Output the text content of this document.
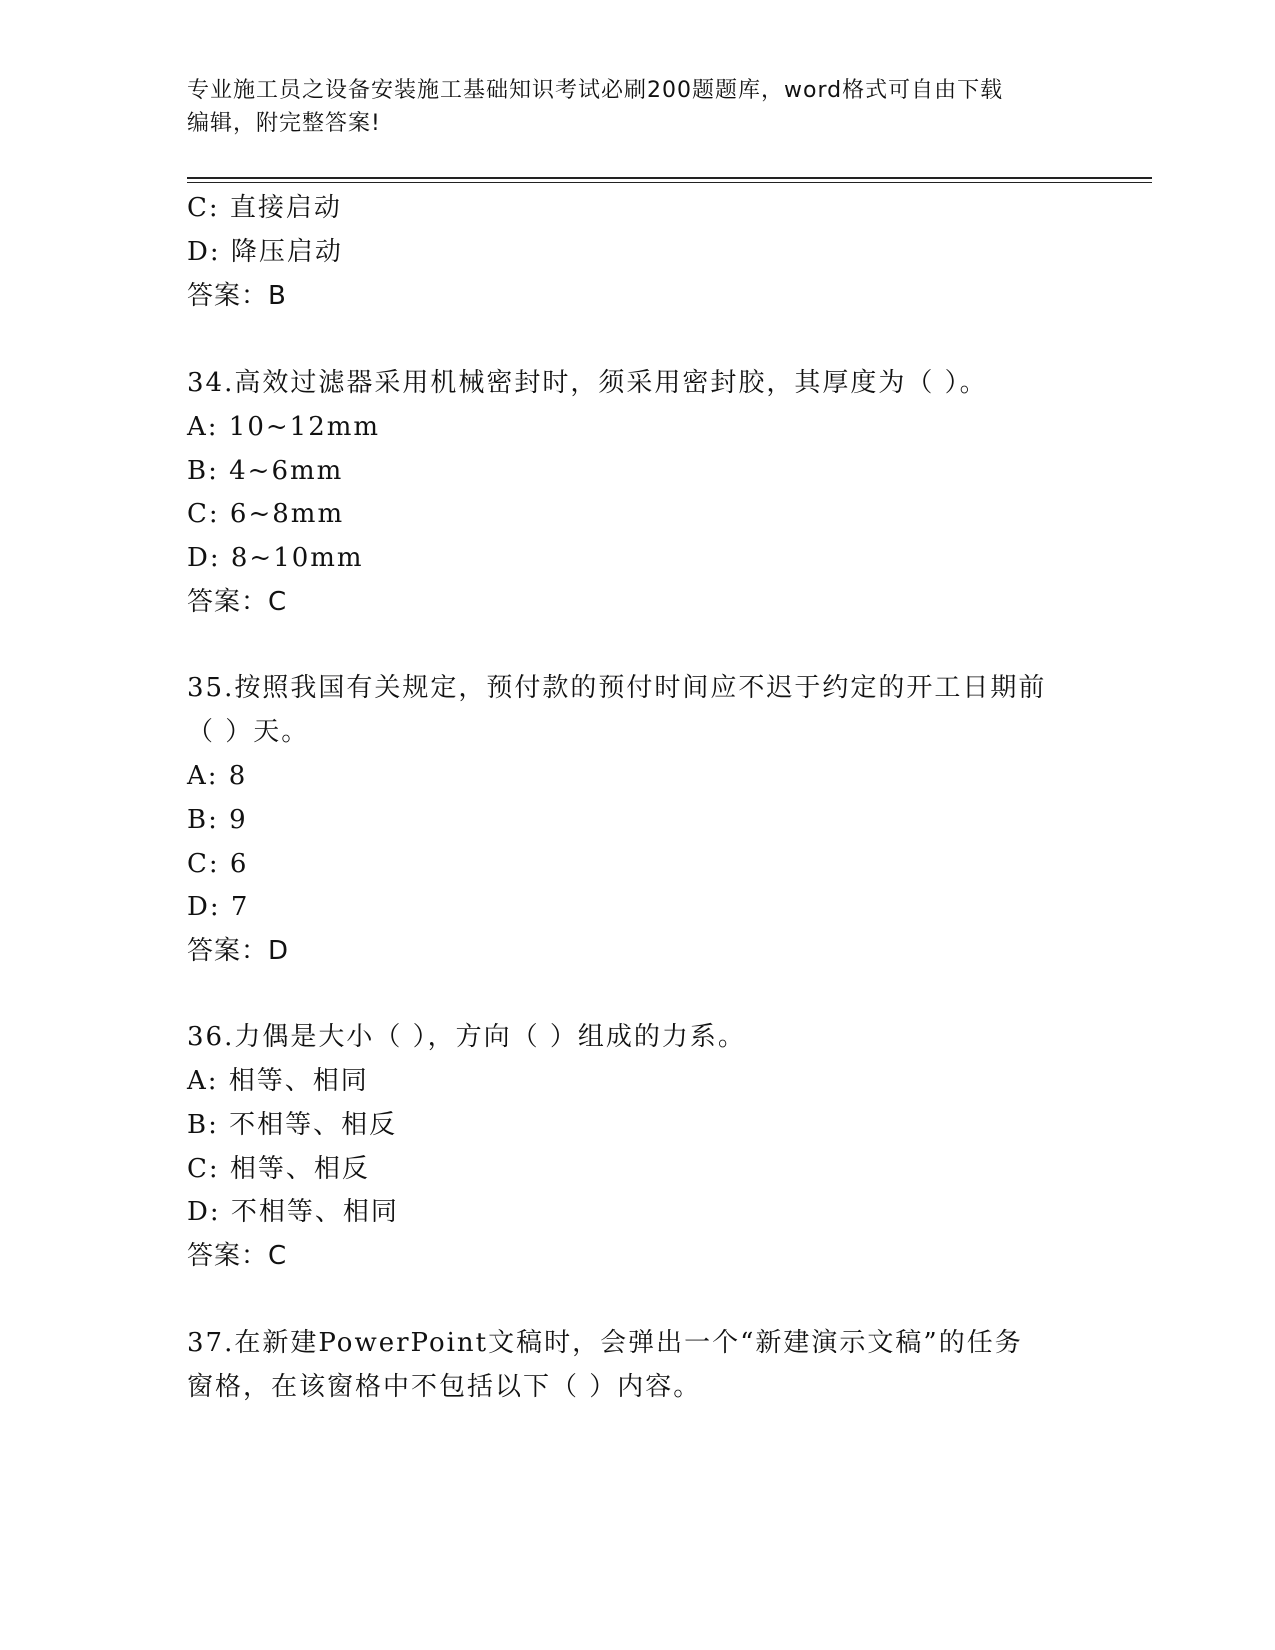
专业施工员之设备安装施工基础知识考试必刷200题题库，word格式可自由下载
编辑，附完整答案!
C: 直接启动
D: 降压启动
答案：B
34.高效过滤器采用机械密封时，须采用密封胶，其厚度为（ ）。
A: 10~12mm
B: 4~6mm
C: 6~8mm
D: 8~10mm
答案：C
35.按照我国有关规定，预付款的预付时间应不迟于约定的开工日期前
（ ）天。
A: 8
B: 9
C: 6
D: 7
答案：D
36.力偶是大小（ ），方向（ ）组成的力系。
A: 相等、相同
B: 不相等、相反
C: 相等、相反
D: 不相等、相同
答案：C
37.在新建PowerPoint文稿时，会弹出一个“新建演示文稿”的任务
窗格，在该窗格中不包括以下（ ）内容。
